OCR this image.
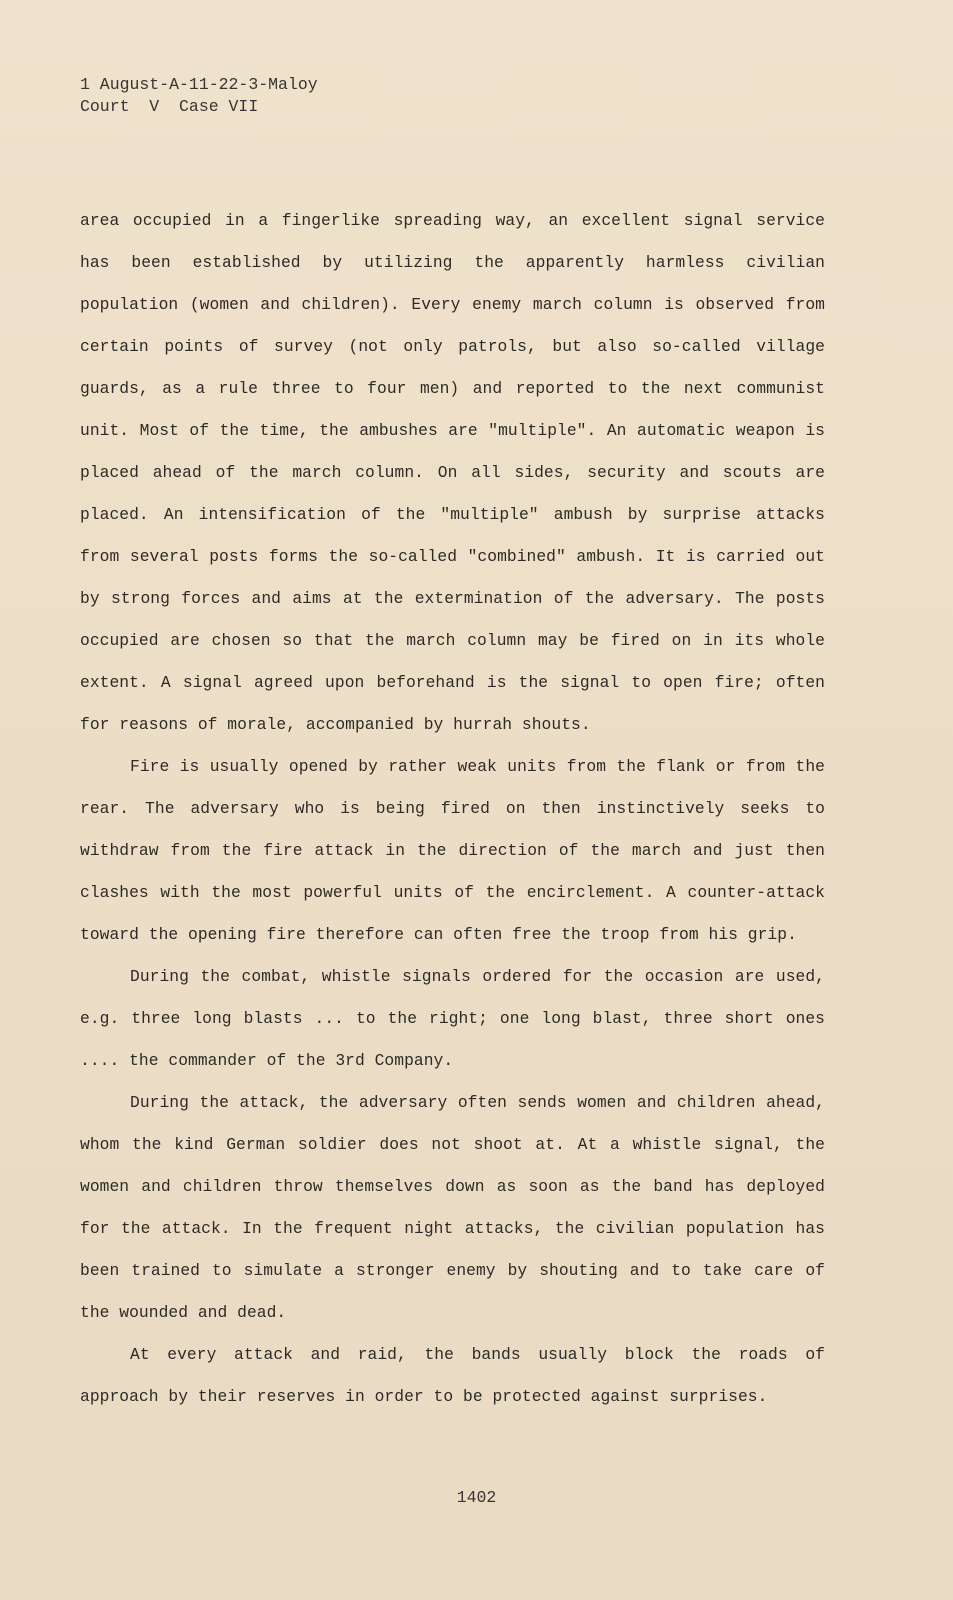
1 August-A-11-22-3-Maloy
Court  V  Case VII

area occupied in a fingerlike spreading way, an excellent signal service has been established by utilizing the apparently harmless civilian population (women and children). Every enemy march column is observed from certain points of survey (not only patrols, but also so-called village guards, as a rule three to four men) and reported to the next communist unit. Most of the time, the ambushes are "multiple". An automatic weapon is placed ahead of the march column. On all sides, security and scouts are placed. An intensification of the "multiple" ambush by surprise attacks from several posts forms the so-called "combined" ambush. It is carried out by strong forces and aims at the extermination of the adversary. The posts occupied are chosen so that the march column may be fired on in its whole extent. A signal agreed upon beforehand is the signal to open fire; often for reasons of morale, accompanied by hurrah shouts.

Fire is usually opened by rather weak units from the flank or from the rear. The adversary who is being fired on then instinctively seeks to withdraw from the fire attack in the direction of the march and just then clashes with the most powerful units of the encirclement. A counter-attack toward the opening fire therefore can often free the troop from his grip.

During the combat, whistle signals ordered for the occasion are used, e.g. three long blasts ... to the right; one long blast, three short ones .... the commander of the 3rd Company.

During the attack, the adversary often sends women and children ahead, whom the kind German soldier does not shoot at. At a whistle signal, the women and children throw themselves down as soon as the band has deployed for the attack. In the frequent night attacks, the civilian population has been trained to simulate a stronger enemy by shouting and to take care of the wounded and dead.

At every attack and raid, the bands usually block the roads of approach by their reserves in order to be protected against surprises.

1402
